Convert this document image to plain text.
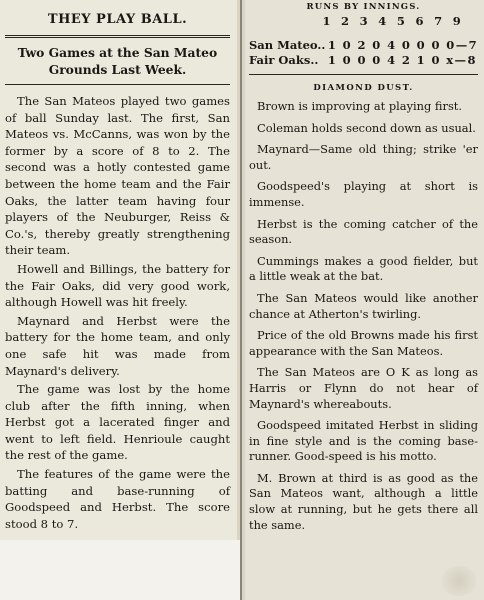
THEY PLAY BALL.
Two Games at the San Mateo Grounds Last Week.

The San Mateos played two games of ball Sunday last. The first, San Mateos vs. McCanns, was won by the former by a score of 8 to 2. The second was a hotly contested game between the home team and the Fair Oaks, the latter team having four players of the Neuburger, Reiss & Co.'s, thereby greatly strengthening their team.

Howell and Billings, the battery for the Fair Oaks, did very good work, although Howell was hit freely.

Maynard and Herbst were the battery for the home team, and only one safe hit was made from Maynard's delivery.

The game was lost by the home club after the fifth inning, when Herbst got a lacerated finger and went to left field. Henrioule caught the rest of the game.

The features of the game were the batting and base-running of Goodspeed and Herbst. The score stood 8 to 7.

RUNS BY INNINGS.
1 2 3 4 5 6 7 9
San Mateo..	1 0 2 0 4 0 0 0 0—7
Fair Oaks..	1 0 0 0 4 2 1 0 x—8
DIAMOND DUST.

Brown is improving at playing first.

Coleman holds second down as usual.

Maynard—Same old thing; strike 'er out.

Goodspeed's playing at short is immense.

Herbst is the coming catcher of the season.

Cummings makes a good fielder, but a little weak at the bat.

The San Mateos would like another chance at Atherton's twirling.

Price of the old Browns made his first appearance with the San Mateos.

The San Mateos are O K as long as Harris or Flynn do not hear of Maynard's whereabouts.

Goodspeed imitated Herbst in sliding in fine style and is the coming base-runner. Good-speed is his motto.

M. Brown at third is as good as the San Mateos want, although a little slow at running, but he gets there all the same.
